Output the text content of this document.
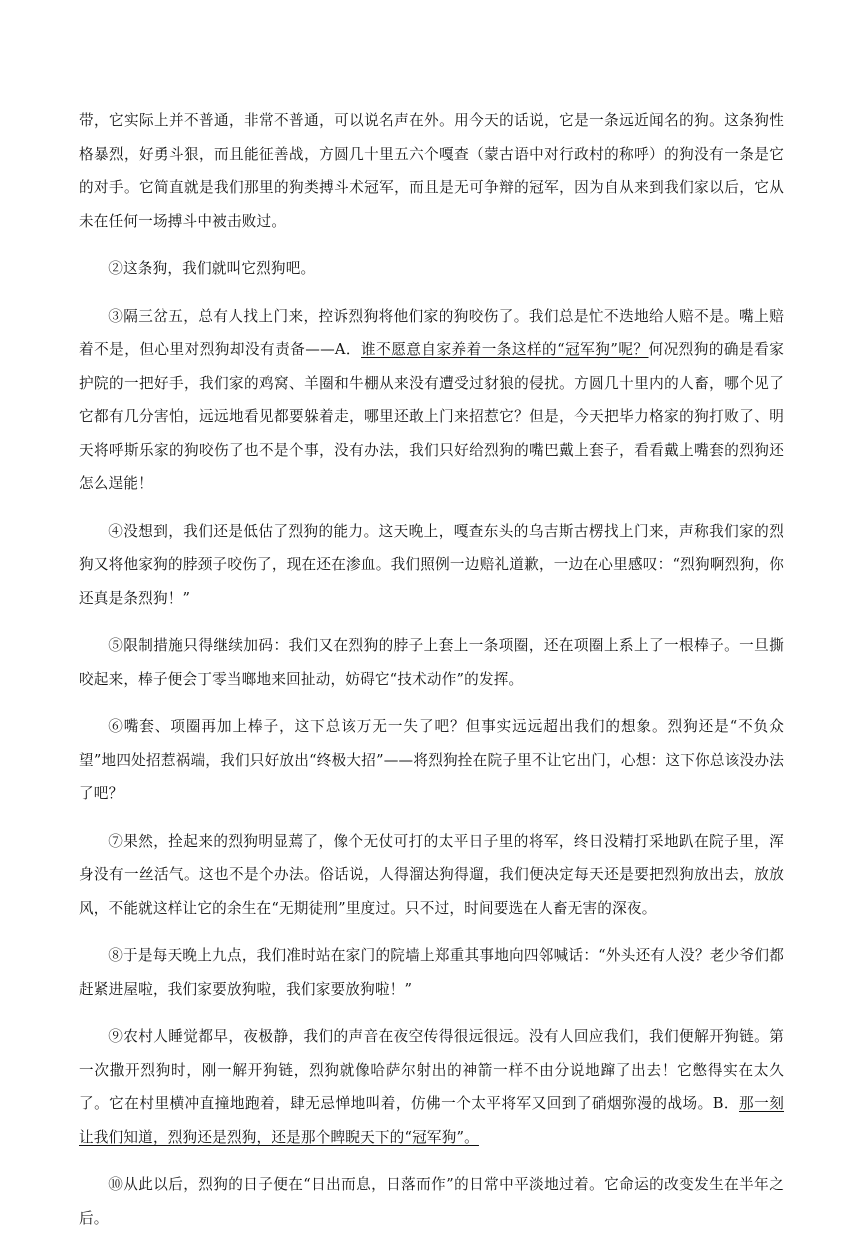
带，它实际上并不普通，非常不普通，可以说名声在外。用今天的话说，它是一条远近闻名的狗。这条狗性格暴烈，好勇斗狠，而且能征善战，方圆几十里五六个嘎查（蒙古语中对行政村的称呼）的狗没有一条是它的对手。它简直就是我们那里的狗类搏斗术冠军，而且是无可争辩的冠军，因为自从来到我们家以后，它从未在任何一场搏斗中被击败过。

②这条狗，我们就叫它烈狗吧。

③隔三岔五，总有人找上门来，控诉烈狗将他们家的狗咬伤了。我们总是忙不迭地给人赔不是。嘴上赔着不是，但心里对烈狗却没有责备——A．谁不愿意自家养着一条这样的“冠军狗”呢？何况烈狗的确是看家护院的一把好手，我们家的鸡窝、羊圈和牛棚从来没有遭受过豺狼的侵扰。方圆几十里内的人畜，哪个见了它都有几分害怕，远远地看见都要躲着走，哪里还敢上门来招惹它？但是，今天把毕力格家的狗打败了、明天将呼斯乐家的狗咬伤了也不是个事，没有办法，我们只好给烈狗的嘴巴戴上套子，看看戴上嘴套的烈狗还怎么逞能！

④没想到，我们还是低估了烈狗的能力。这天晚上，嘎查东头的乌吉斯古楞找上门来，声称我们家的烈狗又将他家狗的脖颈子咬伤了，现在还在渗血。我们照例一边赔礼道歉，一边在心里感叹：“烈狗啊烈狗，你还真是条烈狗！”

⑤限制措施只得继续加码：我们又在烈狗的脖子上套上一条项圈，还在项圈上系上了一根棒子。一旦撕咬起来，棒子便会丁零当啷地来回扯动，妨碍它“技术动作”的发挥。

⑥嘴套、项圈再加上棒子，这下总该万无一失了吧？但事实远远超出我们的想象。烈狗还是“不负众望”地四处招惹祸端，我们只好放出“终极大招”——将烈狗拴在院子里不让它出门，心想：这下你总该没办法了吧？

⑦果然，拴起来的烈狗明显蔫了，像个无仗可打的太平日子里的将军，终日没精打采地趴在院子里，浑身没有一丝活气。这也不是个办法。俗话说，人得溜达狗得遛，我们便决定每天还是要把烈狗放出去，放放风，不能就这样让它的余生在“无期徒刑”里度过。只不过，时间要选在人畜无害的深夜。

⑧于是每天晚上九点，我们准时站在家门的院墙上郑重其事地向四邻喊话：“外头还有人没？老少爷们都赶紧进屋啦，我们家要放狗啦，我们家要放狗啦！”

⑨农村人睡觉都早，夜极静，我们的声音在夜空传得很远很远。没有人回应我们，我们便解开狗链。第一次撒开烈狗时，刚一解开狗链，烈狗就像哈萨尔射出的神箭一样不由分说地蹿了出去！它憋得实在太久了。它在村里横冲直撞地跑着，肆无忌惮地叫着，仿佛一个太平将军又回到了硝烟弥漫的战场。B．那一刻让我们知道，烈狗还是烈狗，还是那个睥睨天下的“冠军狗”。

⑩从此以后，烈狗的日子便在“日出而息，日落而作”的日常中平淡地过着。它命运的改变发生在半年之后。
